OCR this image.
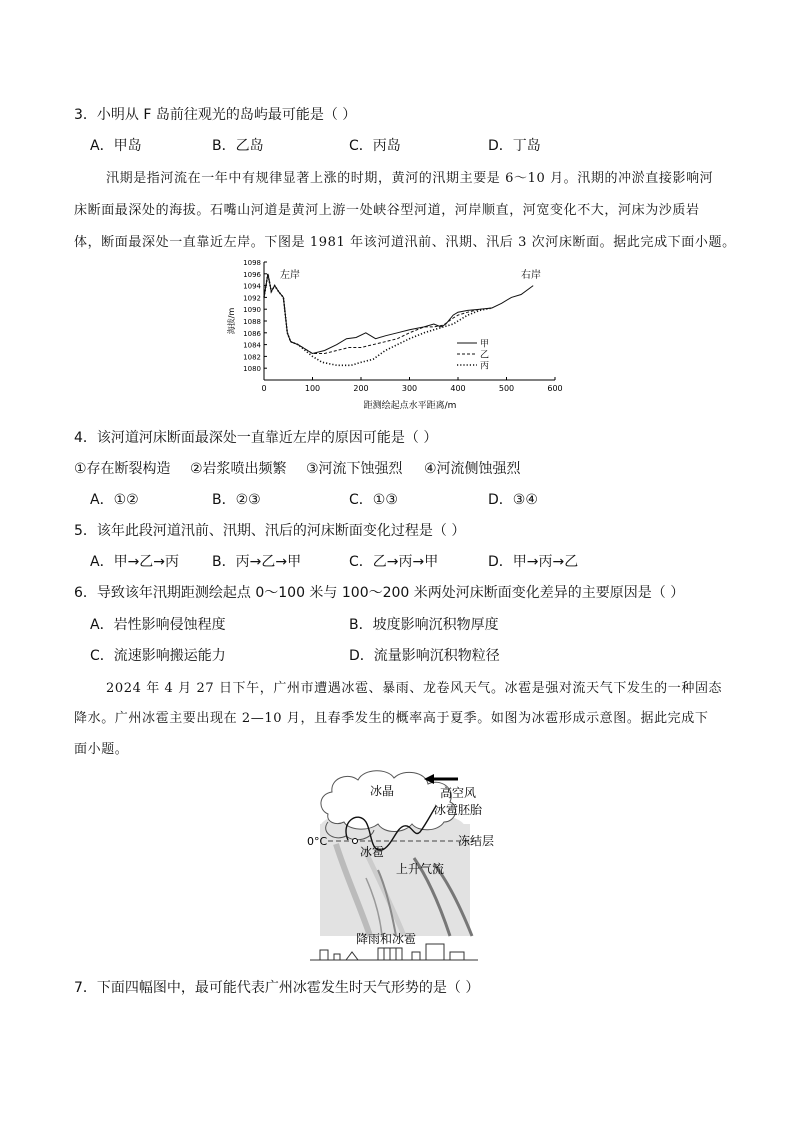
3．小明从 F 岛前往观光的岛屿最可能是（ ）
A．甲岛	B．乙岛	C．丙岛	D．丁岛
汛期是指河流在一年中有规律显著上涨的时期，黄河的汛期主要是 6～10 月。汛期的冲淤直接影响河
床断面最深处的海拔。石嘴山河道是黄河上游一处峡谷型河道，河岸顺直，河宽变化不大，河床为沙质岩
体，断面最深处一直靠近左岸。下图是 1981 年该河道汛前、汛期、汛后 3 次河床断面。据此完成下面小题。
1080
1082
1084
1086
1088
1090
1092
1094
1096
1098
0	100	200	300	400	500	600
海拔/m
距测绘起点水平距离/m
左岸	右岸
甲
乙
丙
4．该河道河床断面最深处一直靠近左岸的原因可能是（ ）
①存在断裂构造 ②岩浆喷出频繁 ③河流下蚀强烈 ④河流侧蚀强烈
A．①②	B．②③	C．①③	D．③④
5．该年此段河道汛前、汛期、汛后的河床断面变化过程是（ ）
A．甲→乙→丙 B．丙→乙→甲	C．乙→丙→甲	D．甲→丙→乙
6．导致该年汛期距测绘起点 0～100 米与 100～200 米两处河床断面变化差异的主要原因是（ ）
A．岩性影响侵蚀程度	B．坡度影响沉积物厚度
C．流速影响搬运能力	D．流量影响沉积物粒径
2024 年 4 月 27 日下午，广州市遭遇冰雹、暴雨、龙卷风天气。冰雹是强对流天气下发生的一种固态
降水。广州冰雹主要出现在 2—10 月，且春季发生的概率高于夏季。如图为冰雹形成示意图。据此完成下
面小题。
冰晶	高空风
冰雹胚胎
0°C	冻结层
冰雹
上升气流
降雨和冰雹
7．下面四幅图中，最可能代表广州冰雹发生时天气形势的是（ ）
